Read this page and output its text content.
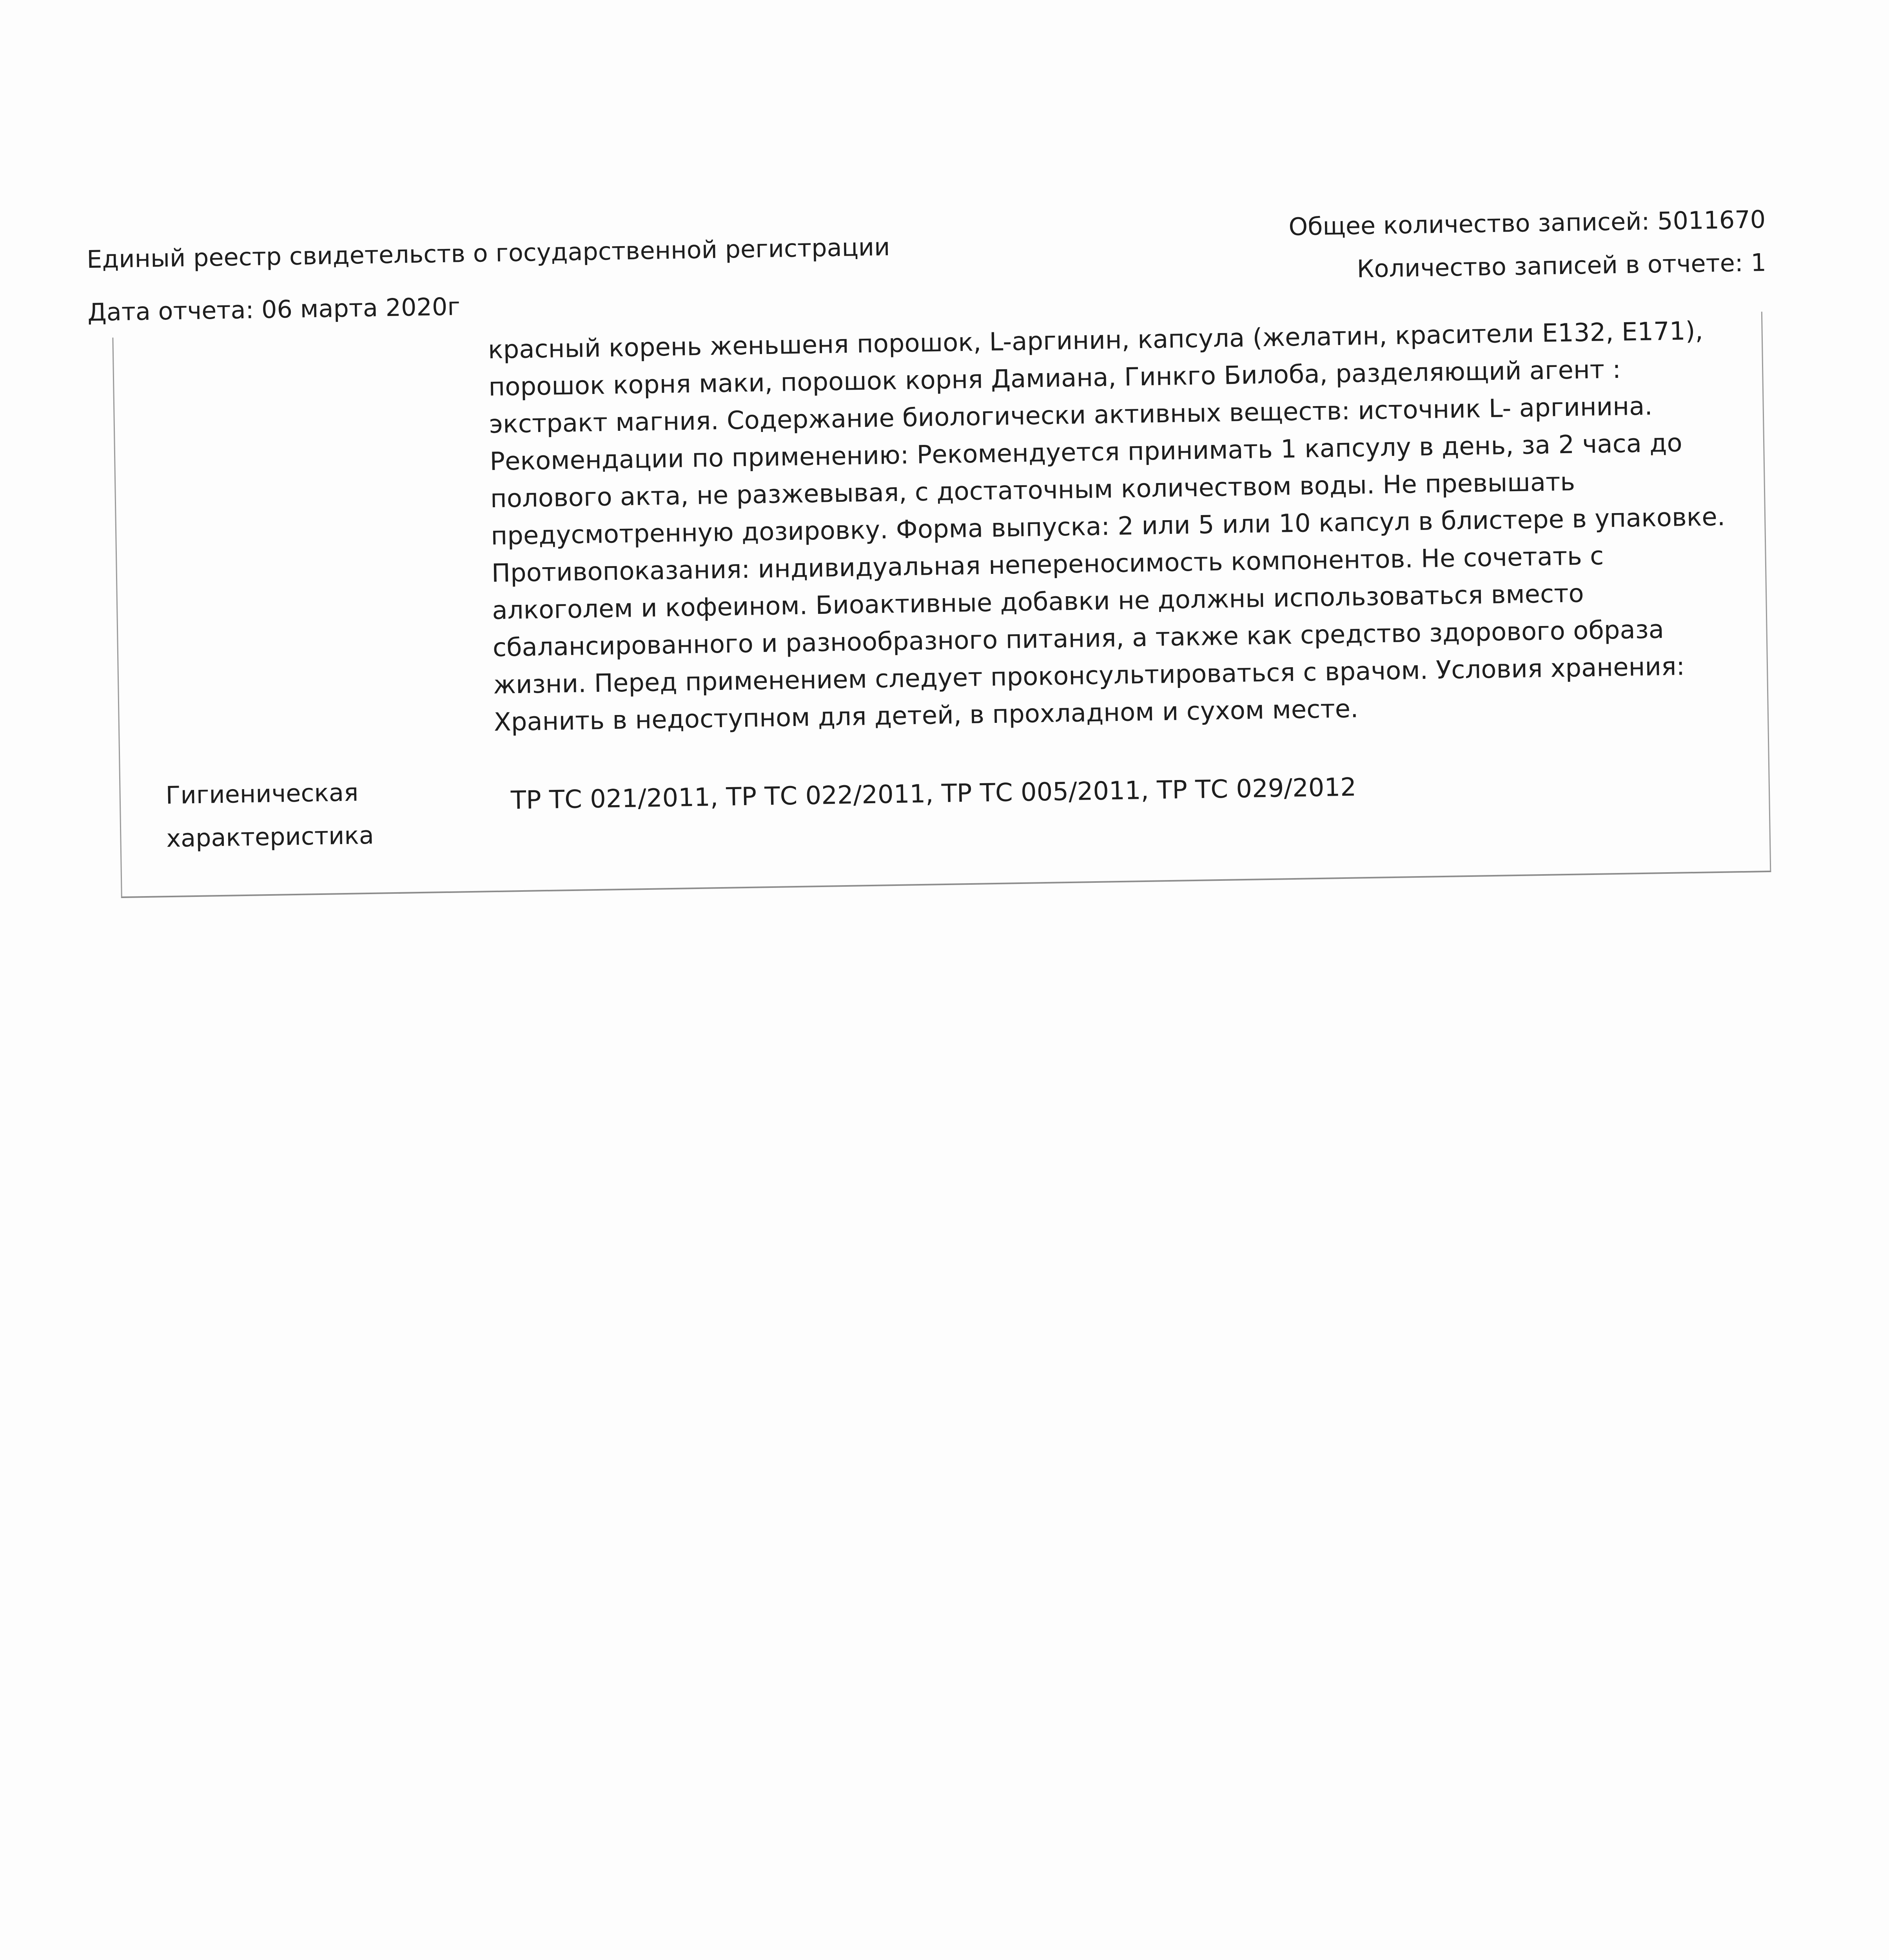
Единый реестр свидетельств о государственной регистрации
Дата отчета: 06 марта 2020г
Общее количество записей: 5011670
Количество записей в отчете: 1

красный корень женьшеня порошок, L-аргинин, капсула (желатин, красители Е132, Е171),
порошок корня маки, порошок корня Дамиана, Гинкго Билоба, разделяющий агент :
экстракт магния. Содержание биологически активных веществ: источник L- аргинина.
Рекомендации по применению: Рекомендуется принимать 1 капсулу в день, за 2 часа до
полового акта, не разжевывая, с достаточным количеством воды. Не превышать
предусмотренную дозировку. Форма выпуска: 2 или 5 или 10 капсул в блистере в упаковке.
Противопоказания: индивидуальная непереносимость компонентов. Не сочетать с
алкоголем и кофеином. Биоактивные добавки не должны использоваться вместо
сбалансированного и разнообразного питания, а также как средство здорового образа
жизни. Перед применением следует проконсультироваться с врачом. Условия хранения:
Хранить в недоступном для детей, в прохладном и сухом месте.

Гигиеническая
характеристика
ТР ТС 021/2011, ТР ТС 022/2011, ТР ТС 005/2011, ТР ТС 029/2012
